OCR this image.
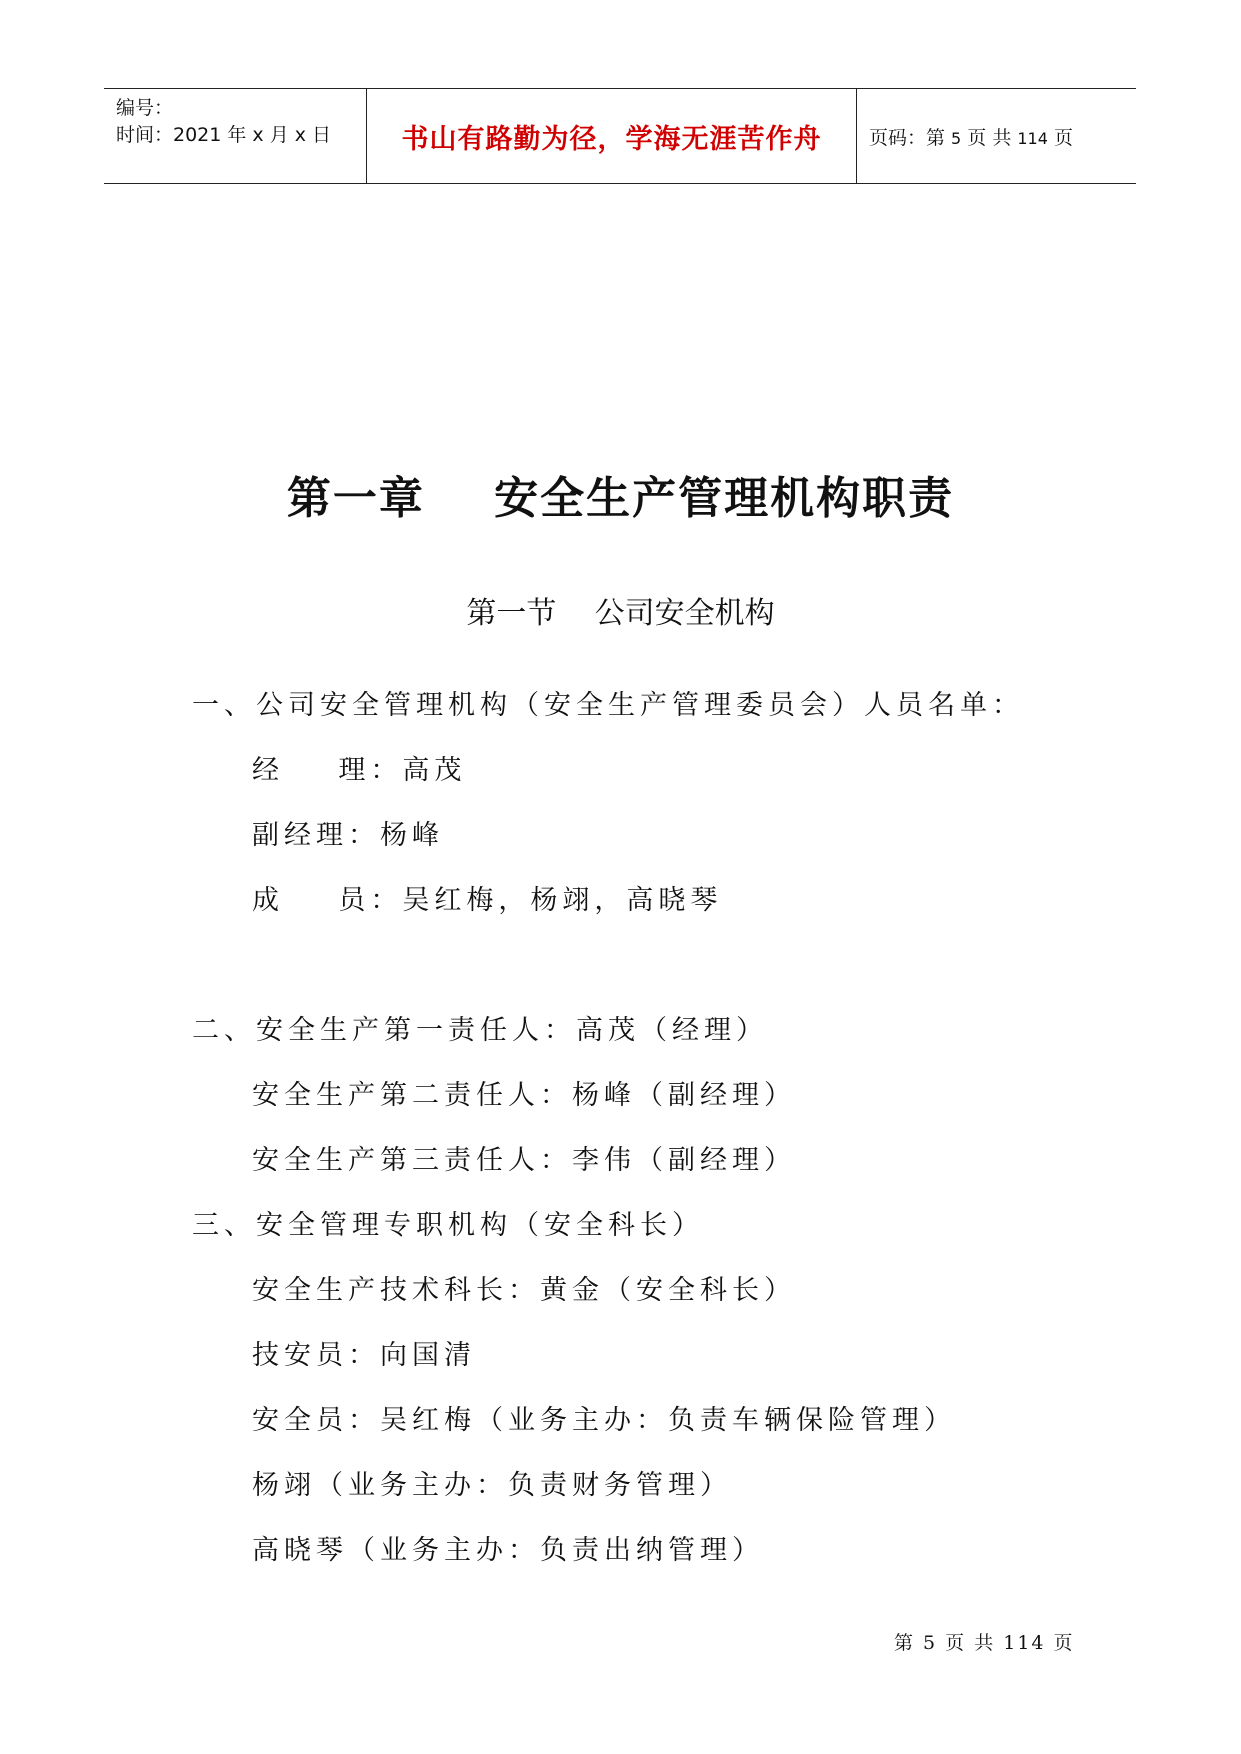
编号：
时间：2021 年 x 月 x 日	书山有路勤为径，学海无涯苦作舟	页码：第 5 页 共 114 页
第一章    安全生产管理机构职责
第一节    公司安全机构
一、公司安全管理机构（安全生产管理委员会）人员名单：
经    理：高茂
副经理：杨峰
成    员：吴红梅，杨翊，高晓琴
二、安全生产第一责任人：高茂（经理）
安全生产第二责任人：杨峰（副经理）
安全生产第三责任人：李伟（副经理）
三、安全管理专职机构（安全科长）
安全生产技术科长：黄金（安全科长）
技安员：向国清
安全员：吴红梅（业务主办：负责车辆保险管理）
杨翊（业务主办：负责财务管理）
高晓琴（业务主办：负责出纳管理）
第 5 页 共 114 页
